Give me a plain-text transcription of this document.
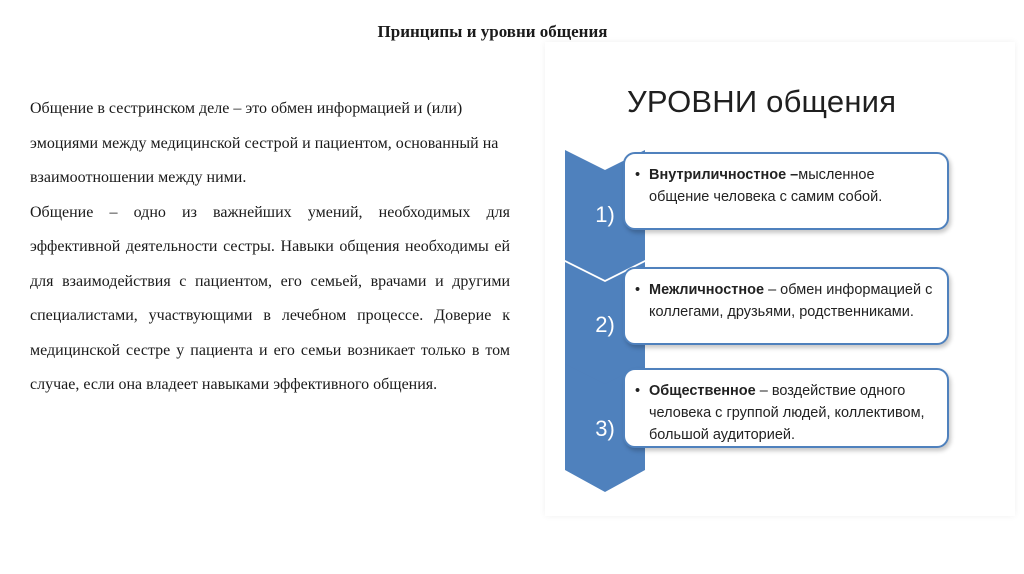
Принципы и уровни общения

Общение в сестринском деле – это обмен информацией и (или) эмоциями между медицинской сестрой и пациентом, основанный на взаимоотношении между ними.

Общение – одно из важнейших умений, необходимых для эффективной деятельности сестры. Навыки общения необходимы ей для взаимодействия с пациентом, его семьей, врачами и другими специалистами, участвующими в лечебном процессе. Доверие к медицинской сестре у пациента и его семьи возникает только в том случае, если она владеет навыками эффективного общения.

УРОВНИ общения
1)
2)
3)
• Внутриличностное –мысленное общение человека с самим собой.
• Межличностное – обмен информацией с коллегами, друзьями, родственниками.
• Общественное – воздействие одного человека с группой людей, коллективом, большой аудиторией.
